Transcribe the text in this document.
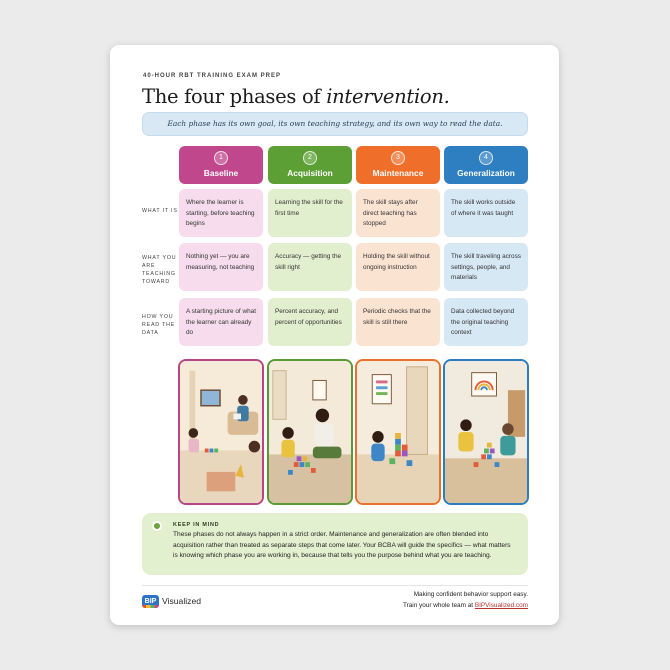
40-HOUR RBT TRAINING EXAM PREP
The four phases of intervention.
Each phase has its own goal, its own teaching strategy, and its own way to read the data.
1
Baseline
2
Acquisition
3
Maintenance
4
Generalization
WHAT IT IS
WHAT YOU ARE TEACHING TOWARD
HOW YOU READ THE DATA
Where the learner is starting, before teaching begins
Learning the skill for the first time
The skill stays after direct teaching has stopped
The skill works outside of where it was taught
Nothing yet — you are measuring, not teaching
Accuracy — getting the skill right
Holding the skill without ongoing instruction
The skill traveling across settings, people, and materials
A starting picture of what the learner can already do
Percent accuracy, and percent of opportunities
Periodic checks that the skill is still there
Data collected beyond the original teaching context
KEEP IN MIND
These phases do not always happen in a strict order. Maintenance and generalization are often blended into acquisition rather than treated as separate steps that come later. Your BCBA will guide the specifics — what matters is knowing which phase you are working in, because that tells you the purpose behind what you are teaching.
BIP Visualized
Making confident behavior support easy.
Train your whole team at BIPVisualized.com
